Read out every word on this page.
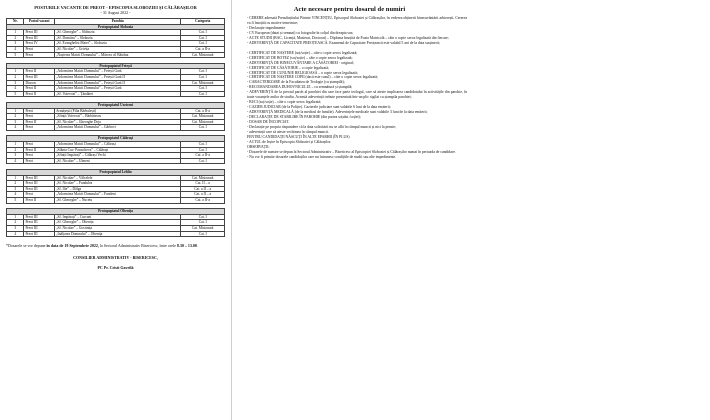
POSTURILE VACANTE DE PREOT - EPISCOPIA SLOBOZIEI ȘI CĂLĂRAȘILOR
- 31 August 2022 -
Nr.	Postul vacant	Parohia	Categoria
Protopopiatul Slobozia			
1	Preot III	„Sf. Gheorghe” – Slobozia	Cat. I
2	Preot III	„Sf. Dumitru” – Slobozia	Cat. I
3	Preot IV	„Sf. Evanghelist Matei” – Slobozia	Cat. I
4	Preot	„Sf. Nicolae” – Grivița	Cat. a II-a
5	Preot	„Nașterea Maicii Domnului” – Mărcea cil Bătrâna	Cat. Misionară

Protopopiatul Fetești			
1	Preot II	„Adormirea Maicii Domnului” – Fetești Gară	Cat. I
2	Preot III	„Adormirea Maicii Domnului” – Fetești Gară II	Cat. I
3	Diacon	„Adormirea Maicii Domnului” – Fetești Gară II	Cat. Misionară
4	Preot II	„Adormirea Maicii Domnului” – Fetești Gară	Cat. I
5	Preot II	„Sf. Voievozi” – Țăndărei	Cat. I

Protopopiatul Urziceni			
1	Preot	Armășești (Filia Bărbulești)	Cat. a II-a
2	Preot	„Sfinții Voievozi” – Bărbătescu	Cat. Misionară
3	Preot II	„Sf. Nicolae” – Gheorghe Doja	Cat. Misionară
4	Preot	„Adormirea Maicii Domnului” – Gârbovi	Cat. I

Protopopiatul Călărași			
1	Preot	„Adormirea Maicii Domnului” – Călărași	Cat. I
2	Preot II	„Sfânta Cuv. Parascheva” – Călărași	Cat. I
3	Preot	„Sfinții Împărați” – Călărași Vechi	Cat. a II-a
4	Preot	„Sf. Nicolae” – Ulmeni	Cat. I

Protopopiatul Lehliu			
1	Preot III	„Sf. Nicolae” – Vâlcelele	Cat. Misionară
2	Preot III	„Sf. Nicolae” – Fundulea	Cat. II – a
3	Preot III	„Sf. Ilie” – Dâlga	Cat. a II – a
4	Preot	„Adormirea Maicii Domnului” – Fundeni	Cat. a II – a
5	Preot II	„Sf. Gheorghe” – Nucetu	Cat. a II-a

Protopopiatul Oltenița			
1	Preot III	„Sf. Împărați” – Curcani	Cat. I
2	Preot III	„Sf. Gheorghe” – Oltenița	Cat. I
3	Preot III	„Sf. Nicolae” – Gostinița	Cat. Misionară
4	Preot III	„Înălțarea Domnului” – Oltenița	Cat. I
*Dosarele se vor depune în data de 19 Septembrie 2022, la Sectorul Administrativ Bisericesc, între orele 8.30 – 13.00.
CONSILIER ADMINISTRATIV - BISERICESC,
PC Pr. Cristi Gavrilă
Acte necesare pentru dosarul de numiri
- CERERE adresată Preasfințitului Părinte VINCENȚIU, Episcopul Sloboziei și Călărașilor, în vederea obținerii binecuvântării arhierești. Cererea va fi însoțită cu motive temeinice;
- Declarație impedimente
- CV European (datat și semnat) cu fotografie în colțul din dreapta sus;
- ACTE STUDII (BAC, Licență, Masterat, Doctorat) – Diploma însoțită de Foaia Matricolă – câte o copie xerox legalizată din fiecare;
- ADEVERINȚĂ DE CAPACITATE PREOȚEASCĂ. Examenul de Capacitate Preoțească este valabil 5 ani de la data susținerii;
- CERTIFICAT DE NAȘTERE (soț/soție) – câte o copie xerox legalizată;
- CERTIFICAT DE BOTEZ (soț/soție) – câte o copie xerox legalizată;
- ADEVERINȚĂ DE BINECUVÂNTARE A CĂSĂTORIEI - original;
- CERTIFICAT DE CĂSĂTORIE – o copie legalizată;
- CERTIFICAT DE CUNUNIE RELIGIOASĂ – o copie xerox legalizată;
- CERTIFICAT DE NAȘTERE COPII (dacă este cazul) – câte o copie xerox legalizată;
- CARACTERIZARE de la Facultatea de Teologie (cu ștampilă);
- RECOMANDAREA DUHOVNICULUI – cu semnătură și ștampilă;
- ADEVERINȚĂ de la preotul paroh al parohiei din care face parte teologul, care să ateste implicarea candidatului în activitățile din parohie, în toate vacanțele anilor de studiu. Această adeverință trebuie prezentată într-un plic sigilat cu ștampila parohiei;
- BI/CI (soț/soție) – câte o copie xerox legalizată;
- CAZIER JUDICIAR (de la Poliție). Cazierele judiciare sunt valabile 6 luni de la data emiterii;
- ADEVERINȚĂ MEDICALĂ (de la medicul de familie). Adeverințele medicale sunt valabile 3 luni de la data emiterii;
- DECLARAȚIE DE STABILIRE ÎN PAROHIE (din partea soțului /soției);
- DOSAR DE ÎNCOPCIAT.
- Declarație pe propria răspundere că la data solicitării nu se află în câmpul muncii și nici la pensie;
- adeverință care să ateste vechimea în câmpul muncii.
FENTRU CANDIDAȚII NĂSCUȚI ÎN ALTE EPARHII (ÎN PLUS)
- ACTUL de Ieșire în Episcopia Sloboziei și Călărașilor.
OBSERVAȚII:
- Dosarele de numire se depun la Sectorul Administrativ – Bisericesc al Episcopiei Sloboziei și Călărașilor numai în perioada de candidare.
- Nu vor fi primite dosarele candidaților care nu întrunesc condițiile de studii sau alte impedimente.
